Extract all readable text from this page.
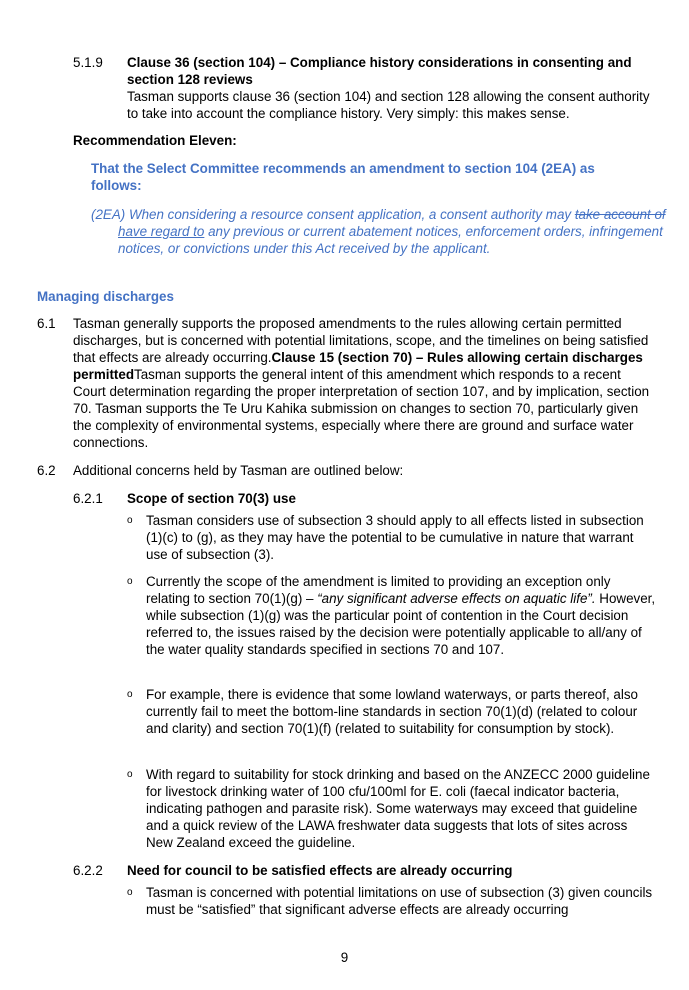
5.1.9 Clause 36 (section 104) – Compliance history considerations in consenting and section 128 reviews
Tasman supports clause 36 (section 104) and section 128 allowing the consent authority to take into account the compliance history. Very simply: this makes sense.
Recommendation Eleven:
That the Select Committee recommends an amendment to section 104 (2EA) as follows:
(2EA) When considering a resource consent application, a consent authority may take account of have regard to any previous or current abatement notices, enforcement orders, infringement notices, or convictions under this Act received by the applicant.
Managing discharges
6.1 Tasman generally supports the proposed amendments to the rules allowing certain permitted discharges, but is concerned with potential limitations, scope, and the timelines on being satisfied that effects are already occurring.Clause 15 (section 70) – Rules allowing certain discharges permittedTasman supports the general intent of this amendment which responds to a recent Court determination regarding the proper interpretation of section 107, and by implication, section 70. Tasman supports the Te Uru Kahika submission on changes to section 70, particularly given the complexity of environmental systems, especially where there are ground and surface water connections.
6.2 Additional concerns held by Tasman are outlined below:
6.2.1 Scope of section 70(3) use
o Tasman considers use of subsection 3 should apply to all effects listed in subsection (1)(c) to (g), as they may have the potential to be cumulative in nature that warrant use of subsection (3).
o Currently the scope of the amendment is limited to providing an exception only relating to section 70(1)(g) – “any significant adverse effects on aquatic life”. However, while subsection (1)(g) was the particular point of contention in the Court decision referred to, the issues raised by the decision were potentially applicable to all/any of the water quality standards specified in sections 70 and 107.
o For example, there is evidence that some lowland waterways, or parts thereof, also currently fail to meet the bottom-line standards in section 70(1)(d) (related to colour and clarity) and section 70(1)(f) (related to suitability for consumption by stock).
o With regard to suitability for stock drinking and based on the ANZECC 2000 guideline for livestock drinking water of 100 cfu/100ml for E. coli (faecal indicator bacteria, indicating pathogen and parasite risk). Some waterways may exceed that guideline and a quick review of the LAWA freshwater data suggests that lots of sites across New Zealand exceed the guideline.
6.2.2 Need for council to be satisfied effects are already occurring
o Tasman is concerned with potential limitations on use of subsection (3) given councils must be “satisfied” that significant adverse effects are already occurring
9
